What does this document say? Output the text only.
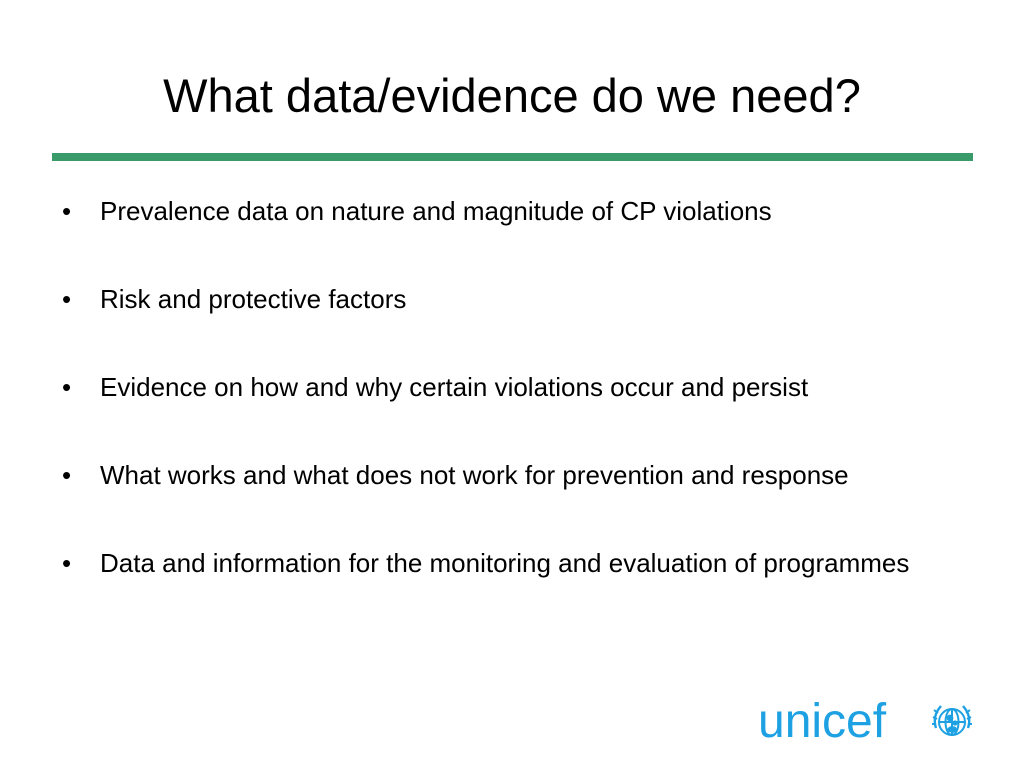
What data/evidence do we need?
• Prevalence data on nature and magnitude of CP violations
• Risk and protective factors
• Evidence on how and why certain violations occur and persist
• What works and what does not work for prevention and response
• Data and information for the monitoring and evaluation of programmes
unicef
